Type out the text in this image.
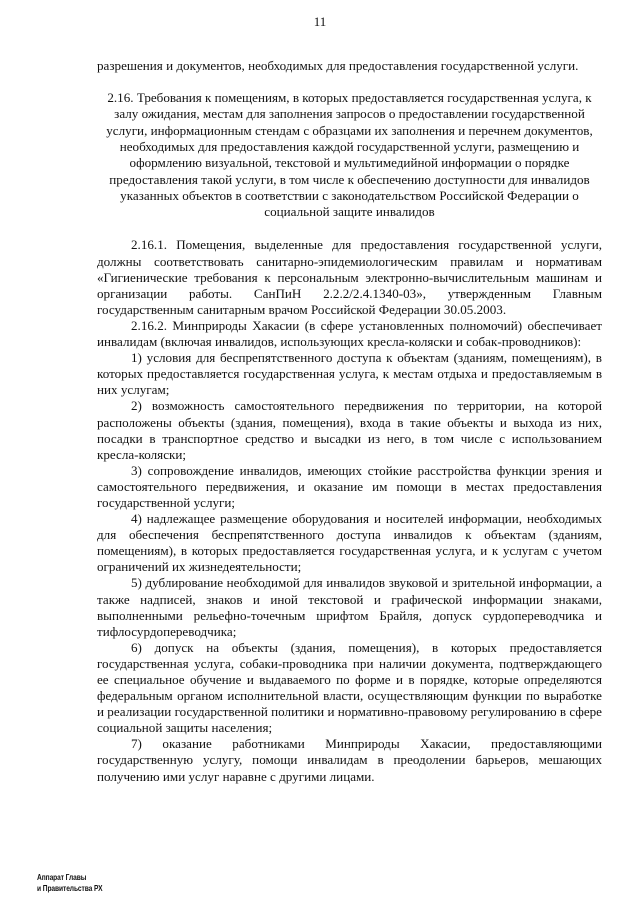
11

разрешения и документов, необходимых для предоставления государственной услуги.

2.16. Требования к помещениям, в которых предоставляется государственная услуга, к залу ожидания, местам для заполнения запросов о предоставлении государственной услуги, информационным стендам с образцами их заполнения и перечнем документов, необходимых для предоставления каждой государственной услуги, размещению и оформлению визуальной, текстовой и мультимедийной информации о порядке предоставления такой услуги, в том числе к обеспечению доступности для инвалидов указанных объектов в соответствии с законодательством Российской Федерации о социальной защите инвалидов

2.16.1. Помещения, выделенные для предоставления государственной услуги, должны соответствовать санитарно-эпидемиологическим правилам и нормативам «Гигиенические требования к персональным электронно-вычислительным машинам и организации работы. СанПиН 2.2.2/2.4.1340-03», утвержденным Главным государственным санитарным врачом Российской Федерации 30.05.2003.

2.16.2. Минприроды Хакасии (в сфере установленных полномочий) обеспечивает инвалидам (включая инвалидов, использующих кресла-коляски и собак-проводников):

1) условия для беспрепятственного доступа к объектам (зданиям, помещениям), в которых предоставляется государственная услуга, к местам отдыха и предоставляемым в них услугам;

2) возможность самостоятельного передвижения по территории, на которой расположены объекты (здания, помещения), входа в такие объекты и выхода из них, посадки в транспортное средство и высадки из него, в том числе с использованием кресла-коляски;

3) сопровождение инвалидов, имеющих стойкие расстройства функции зрения и самостоятельного передвижения, и оказание им помощи в местах предоставления государственной услуги;

4) надлежащее размещение оборудования и носителей информации, необходимых для обеспечения беспрепятственного доступа инвалидов к объектам (зданиям, помещениям), в которых предоставляется государственная услуга, и к услугам с учетом ограничений их жизнедеятельности;

5) дублирование необходимой для инвалидов звуковой и зрительной информации, а также надписей, знаков и иной текстовой и графической информации знаками, выполненными рельефно-точечным шрифтом Брайля, допуск сурдопереводчика и тифлосурдопереводчика;

6) допуск на объекты (здания, помещения), в которых предоставляется государственная услуга, собаки-проводника при наличии документа, подтверждающего ее специальное обучение и выдаваемого по форме и в порядке, которые определяются федеральным органом исполнительной власти, осуществляющим функции по выработке и реализации государственной политики и нормативно-правовому регулированию в сфере социальной защиты населения;

7) оказание работниками Минприроды Хакасии, предоставляющими государственную услугу, помощи инвалидам в преодолении барьеров, мешающих получению ими услуг наравне с другими лицами.

Аппарат Главы
и Правительства РХ
